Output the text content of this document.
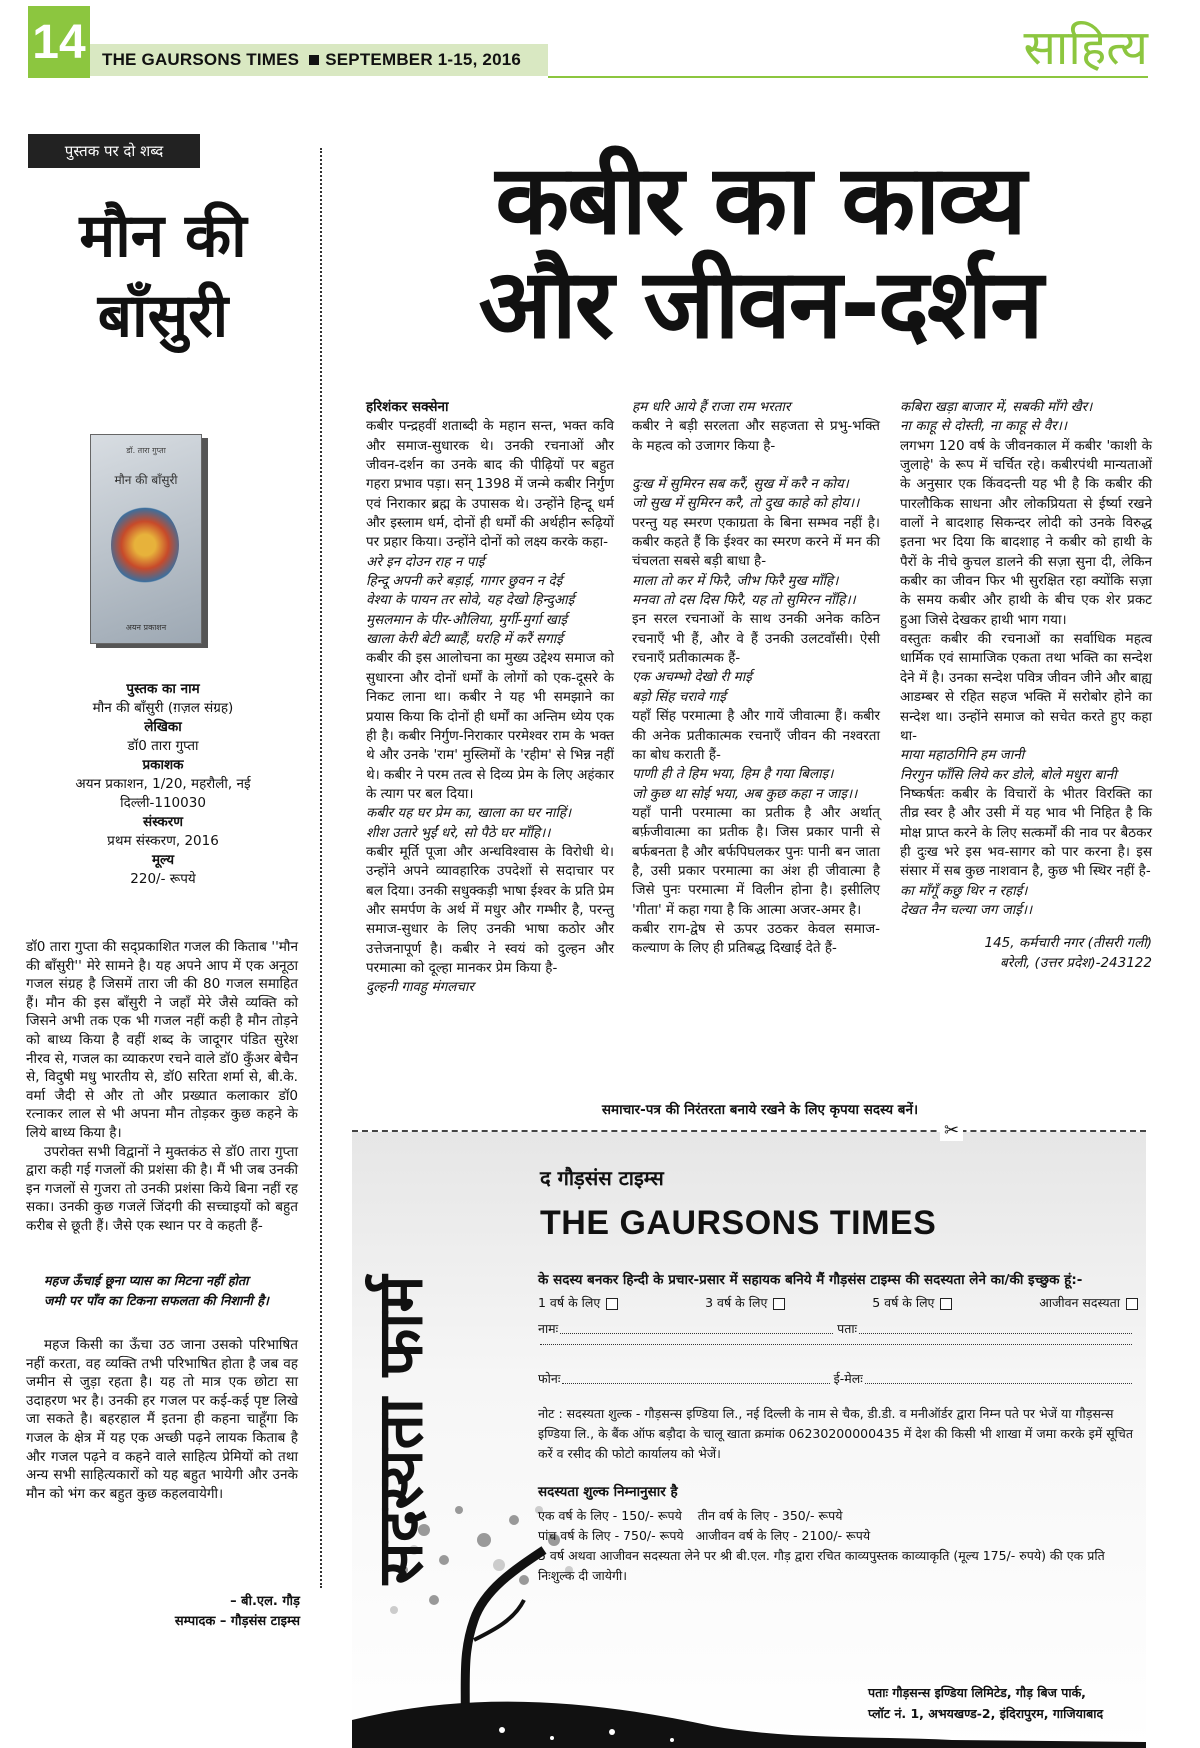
14 THE GAURSONS TIMES SEPTEMBER 1-15, 2016	साहित्य
पुस्तक पर दो शब्द
मौन की
बाँसुरी
डॉ. तारा गुप्ता
मौन की बाँसुरी
अयन प्रकाशन
पुस्तक का नाम
मौन की बाँसुरी (ग़ज़ल संग्रह)
लेखिका
डॉ0 तारा गुप्ता
प्रकाशक
अयन प्रकाशन, 1/20, महरौली, नई दिल्ली-110030
संस्करण
प्रथम संस्करण, 2016
मूल्य
220/- रूपये

डॉ0 तारा गुप्ता की सद्प्रकाशित गजल की किताब ''मौन की बाँसुरी'' मेरे सामने है। यह अपने आप में एक अनूठा गजल संग्रह है जिसमें तारा जी की 80 गजल समाहित हैं। मौन की इस बाँसुरी ने जहाँ मेरे जैसे व्यक्ति को जिसने अभी तक एक भी गजल नहीं कही है मौन तोड़ने को बाध्य किया है वहीं शब्द के जादूगर पंडित सुरेश नीरव से, गजल का व्याकरण रचने वाले डॉ0 कुँअर बेचैन से, विदुषी मधु भारतीय से, डॉ0 सरिता शर्मा से, बी.के. वर्मा जैदी से और तो और प्रख्यात कलाकार डॉ0 रत्नाकर लाल से भी अपना मौन तोड़कर कुछ कहने के लिये बाध्य किया है।

उपरोक्त सभी विद्वानों ने मुक्तकंठ से डॉ0 तारा गुप्ता द्वारा कही गई गजलों की प्रशंसा की है। मैं भी जब उनकी इन गजलों से गुजरा तो उनकी प्रशंसा किये बिना नहीं रह सका। उनकी कुछ गजलें जिंदगी की सच्चाइयों को बहुत करीब से छूती हैं। जैसे एक स्थान पर वे कहती हैं-

महज ऊँचाई छूना प्यास का मिटना नहीं होता
जमी पर पाँव का टिकना सफलता की निशानी है।

महज किसी का ऊँचा उठ जाना उसको परिभाषित नहीं करता, वह व्यक्ति तभी परिभाषित होता है जब वह जमीन से जुड़ा रहता है। यह तो मात्र एक छोटा सा उदाहरण भर है। उनकी हर गजल पर कई-कई पृष्ट लिखे जा सकते है। बहरहाल मैं इतना ही कहना चाहूँगा कि गजल के क्षेत्र में यह एक अच्छी पढ़ने लायक किताब है और गजल पढ़ने व कहने वाले साहित्य प्रेमियों को तथा अन्य सभी साहित्यकारों को यह बहुत भायेगी और उनके मौन को भंग कर बहुत कुछ कहलवायेगी।

– बी.एल. गौड़
सम्पादक – गौड़संस टाइम्स
कबीर का काव्य
और जीवन-दर्शन

हरिशंकर सक्सेना

कबीर पन्द्रहवीं शताब्दी के महान सन्त, भक्त कवि और समाज-सुधारक थे। उनकी रचनाओं और जीवन-दर्शन का उनके बाद की पीढ़ियों पर बहुत गहरा प्रभाव पड़ा। सन् 1398 में जन्मे कबीर निर्गुण एवं निराकार ब्रह्म के उपासक थे। उन्होंने हिन्दू धर्म और इस्लाम धर्म, दोनों ही धर्मों की अर्थहीन रूढ़ियों पर प्रहार किया। उन्होंने दोनों को लक्ष्य करके कहा-

अरे इन दोउन राह न पाई
हिन्दू अपनी करे बड़ाई, गागर छुवन न देई
वेश्या के पायन तर सोवे, यह देखो हिन्दुआई
मुसलमान के पीर-औलिया, मुर्गी-मुर्गा खाई
खाला केरी बेटी ब्याहैं, घरहि में करैं सगाई

कबीर की इस आलोचना का मुख्य उद्देश्य समाज को सुधारना और दोनों धर्मों के लोगों को एक-दूसरे के निकट लाना था। कबीर ने यह भी समझाने का प्रयास किया कि दोनों ही धर्मों का अन्तिम ध्येय एक ही है। कबीर निर्गुण-निराकार परमेश्वर राम के भक्त थे और उनके 'राम' मुस्लिमों के 'रहीम' से भिन्न नहीं थे। कबीर ने परम तत्व से दिव्य प्रेम के लिए अहंकार के त्याग पर बल दिया।

कबीर यह घर प्रेम का, खाला का घर नाहिं।
शीश उतारे भुईं धरे, सो पैठे घर माँहि।।

कबीर मूर्ति पूजा और अन्धविश्वास के विरोधी थे। उन्होंने अपने व्यावहारिक उपदेशों से सदाचार पर बल दिया। उनकी सधुक्कड़ी भाषा ईश्वर के प्रति प्रेम और समर्पण के अर्थ में मधुर और गम्भीर है, परन्तु समाज-सुधार के लिए उनकी भाषा कठोर और उत्तेजनापूर्ण है। कबीर ने स्वयं को दुल्हन और परमात्मा को दूल्हा मानकर प्रेम किया है-

दुल्हनी गावहु मंगलचार

हम धरि आये हैं राजा राम भरतार

कबीर ने बड़ी सरलता और सहजता से प्रभु-भक्ति के महत्व को उजागर किया है-

दुःख में सुमिरन सब करैं, सुख में करै न कोय।
जो सुख में सुमिरन करै, तो दुख काहे को होय।।

परन्तु यह स्मरण एकाग्रता के बिना सम्भव नहीं है। कबीर कहते हैं कि ईश्वर का स्मरण करने में मन की चंचलता सबसे बड़ी बाधा है-

माला तो कर में फिरै, जीभ फिरै मुख माँहि।
मनवा तो दस दिस फिरै, यह तो सुमिरन नाँहि।।

इन सरल रचनाओं के साथ उनकी अनेक कठिन रचनाएँ भी हैं, और वे हैं उनकी उलटवाँसी। ऐसी रचनाएँ प्रतीकात्मक हैं-

एक अचम्भो देखो री माई
बड़ो सिंह चरावे गाई

यहाँ सिंह परमात्मा है और गायें जीवात्मा हैं। कबीर की अनेक प्रतीकात्मक रचनाएँ जीवन की नश्वरता का बोध कराती हैं-

पाणी ही ते हिम भया, हिम है गया बिलाइ।
जो कुछ था सोई भया, अब कुछ कहा न जाइ।।

यहाँ पानी परमात्मा का प्रतीक है और अर्थात् बर्फ़जीवात्मा का प्रतीक है। जिस प्रकार पानी से बर्फबनता है और बर्फपिघलकर पुनः पानी बन जाता है, उसी प्रकार परमात्मा का अंश ही जीवात्मा है जिसे पुनः परमात्मा में विलीन होना है। इसीलिए 'गीता' में कहा गया है कि आत्मा अजर-अमर है।

कबीर राग-द्वेष से ऊपर उठकर केवल समाज-कल्याण के लिए ही प्रतिबद्ध दिखाई देते हैं-

कबिरा खड़ा बाजार में, सबकी माँगे खैर।
ना काहू से दोस्ती, ना काहू से वैर।।

लगभग 120 वर्ष के जीवनकाल में कबीर 'काशी के जुलाहे' के रूप में चर्चित रहे। कबीरपंथी मान्यताओं के अनुसार एक किंवदन्ती यह भी है कि कबीर की पारलौकिक साधना और लोकप्रियता से ईर्ष्या रखने वालों ने बादशाह सिकन्दर लोदी को उनके विरुद्ध इतना भर दिया कि बादशाह ने कबीर को हाथी के पैरों के नीचे कुचल डालने की सज़ा सुना दी, लेकिन कबीर का जीवन फिर भी सुरक्षित रहा क्योंकि सज़ा के समय कबीर और हाथी के बीच एक शेर प्रकट हुआ जिसे देखकर हाथी भाग गया।

वस्तुतः कबीर की रचनाओं का सर्वाधिक महत्व धार्मिक एवं सामाजिक एकता तथा भक्ति का सन्देश देने में है। उनका सन्देश पवित्र जीवन जीने और बाह्य आडम्बर से रहित सहज भक्ति में सरोबोर होने का सन्देश था। उन्होंने समाज को सचेत करते हुए कहा था-

माया महाठगिनि हम जानी
निरगुन फाँसि लिये कर डोले, बोले मधुरा बानी

निष्कर्षतः कबीर के विचारों के भीतर विरक्ति का तीव्र स्वर है और उसी में यह भाव भी निहित है कि मोक्ष प्राप्त करने के लिए सत्कर्मों की नाव पर बैठकर ही दुःख भरे इस भव-सागर को पार करना है। इस संसार में सब कुछ नाशवान है, कुछ भी स्थिर नहीं है-

का माँगूँ कछु थिर न रहाई।
देखत नैन चल्या जग जाई।।

145, कर्मचारी नगर (तीसरी गली)

बरेली, (उत्तर प्रदेश)-243122

समाचार-पत्र की निरंतरता बनाये रखने के लिए कृपया सदस्य बनें।
✂
सदस्यता फार्म
द गौड़संस टाइम्स
THE GAURSONS TIMES
के सदस्य बनकर हिन्दी के प्रचार-प्रसार में सहायक बनिये मैं गौड़संस टाइम्स की सदस्यता लेने का/की इच्छुक हूं:-
1 वर्ष के लिए	3 वर्ष के लिए	5 वर्ष के लिए	आजीवन सदस्यता
नामः	पताः
फोनः	ई-मेलः
नोट : सदस्यता शुल्क - गौड़सन्स इण्डिया लि., नई दिल्ली के नाम से चैक, डी.डी. व मनीऑर्डर द्वारा निम्न पते पर भेजें या गौड़सन्स इण्डिया लि., के बैंक ऑफ बड़ौदा के चालू खाता क्रमांक 06230200000435 में देश की किसी भी शाखा में जमा करके इमें सूचित करें व रसीद की फोटो कार्यालय को भेजें।
सदस्यता शुल्क निम्नानुसार है
एक वर्ष के लिए - 150/- रूपये    तीन वर्ष के लिए - 350/- रूपये
पांच वर्ष के लिए - 750/- रूपये   आजीवन वर्ष के लिए - 2100/- रूपये
5 वर्ष अथवा आजीवन सदस्यता लेने पर श्री बी.एल. गौड़ द्वारा रचित काव्यपुस्तक काव्याकृति (मूल्य 175/- रुपये) की एक प्रति निःशुल्क दी जायेगी।
पताः गौड़सन्स इण्डिया लिमिटेड, गौड़ बिज पार्क,
प्लॉट नं. 1, अभयखण्ड-2, इंदिरापुरम, गाजियाबाद
